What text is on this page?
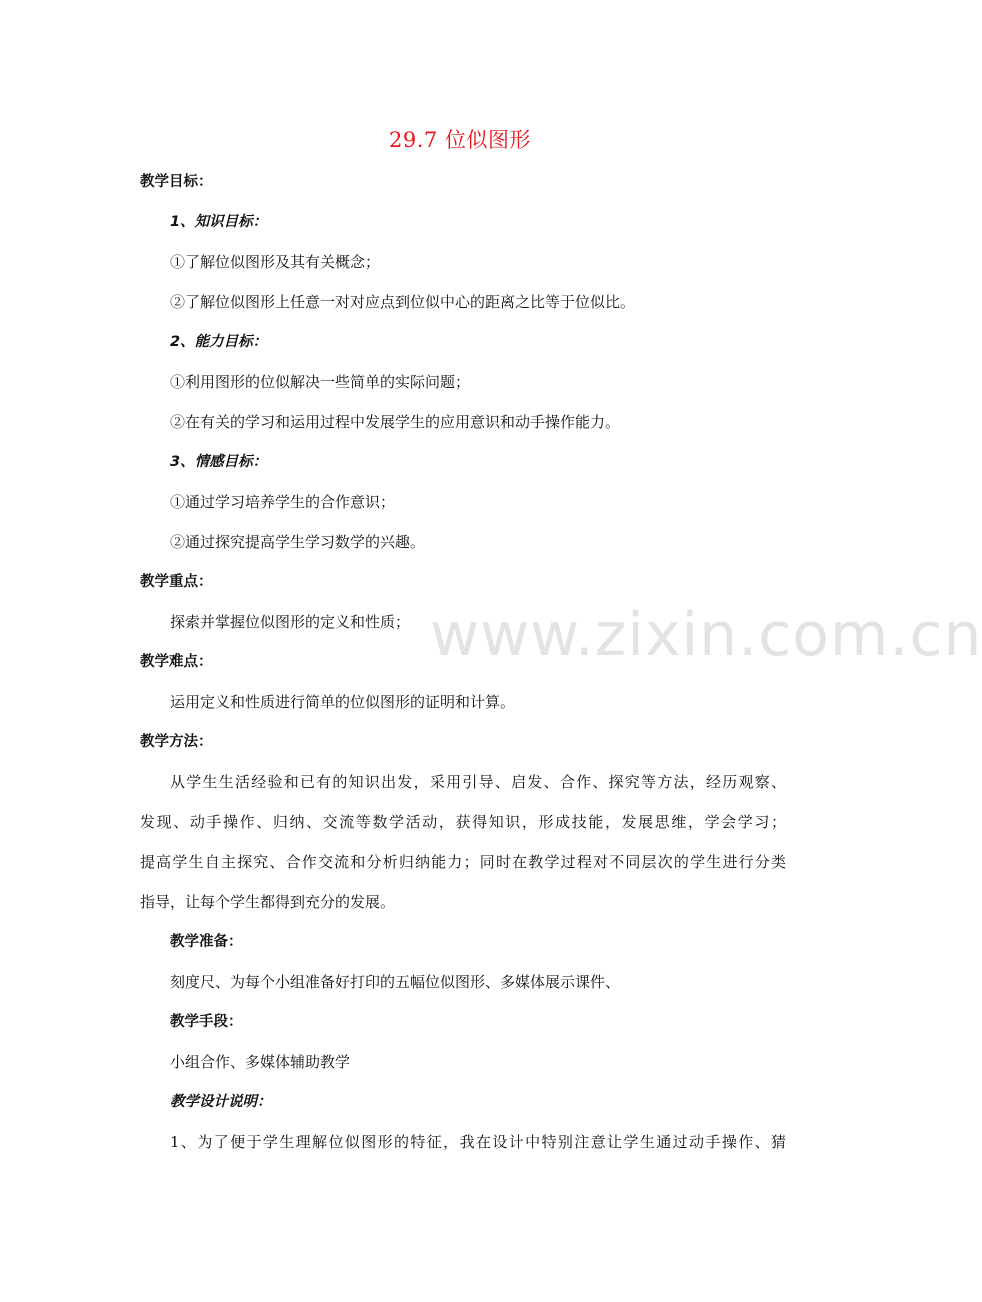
www.zixin.com.cn
29.7 位似图形
教学目标：
1、知识目标：
①了解位似图形及其有关概念；
②了解位似图形上任意一对对应点到位似中心的距离之比等于位似比。
2、能力目标：
①利用图形的位似解决一些简单的实际问题；
②在有关的学习和运用过程中发展学生的应用意识和动手操作能力。
3、情感目标：
①通过学习培养学生的合作意识；
②通过探究提高学生学习数学的兴趣。
教学重点：
探索并掌握位似图形的定义和性质；
教学难点：
运用定义和性质进行简单的位似图形的证明和计算。
教学方法：
从学生生活经验和已有的知识出发，采用引导、启发、合作、探究等方法，经历观察、
发现、动手操作、归纳、交流等数学活动，获得知识，形成技能，发展思维，学会学习；
提高学生自主探究、合作交流和分析归纳能力；同时在教学过程对不同层次的学生进行分类
指导，让每个学生都得到充分的发展。
教学准备：
刻度尺、为每个小组准备好打印的五幅位似图形、多媒体展示课件、
教学手段：
小组合作、多媒体辅助教学
教学设计说明：
1、为了便于学生理解位似图形的特征，我在设计中特别注意让学生通过动手操作、猜
